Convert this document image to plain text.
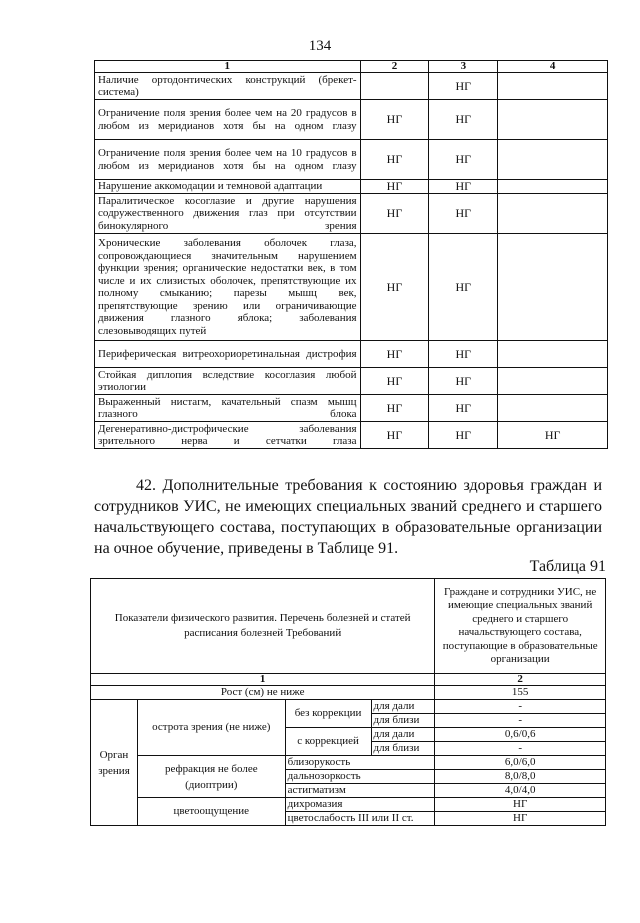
134
1	2	3	4
Наличие ортодонтических конструкций (брекет-система)		НГ	
Ограничение поля зрения более чем на 20 градусов в любом из меридианов хотя бы на одном глазу	НГ	НГ	
Ограничение поля зрения более чем на 10 градусов в любом из меридианов хотя бы на одном глазу	НГ	НГ	
Нарушение аккомодации и темновой адаптации	НГ	НГ	
Паралитическое косоглазие и другие нарушения содружественного движения глаз при отсутствии бинокулярного зрения	НГ	НГ	
Хронические заболевания оболочек глаза, сопровождающиеся значительным нарушением функции зрения; органические недостатки век, в том числе и их слизистых оболочек, препятствующие их полному смыканию; парезы мышц век, препятствующие зрению или ограничивающие движения глазного яблока; заболевания слезовыводящих путей	НГ	НГ	
Периферическая витреохориоретинальная дистрофия	НГ	НГ	
Стойкая диплопия вследствие косоглазия любой этиологии	НГ	НГ	
Выраженный нистагм, качательный спазм мышц глазного блока	НГ	НГ	
Дегенеративно-дистрофические заболевания зрительного нерва и сетчатки глаза	НГ	НГ	НГ
42. Дополнительные требования к состоянию здоровья граждан и сотрудников УИС, не имеющих специальных званий среднего и старшего начальствующего состава, поступающих в образовательные организации на очное обучение, приведены в Таблице 91.
Таблица 91
Показатели физического развития. Перечень болезней и статей расписания болезней Требований				Граждане и сотрудники УИС, не имеющие специальных званий среднего и старшего начальствующего состава, поступающие в образовательные организации
1				2
Рост (см) не ниже				155
Орган зрения	острота зрения (не ниже)	без коррекции	для дали	-
			для близи	-
		с коррекцией	для дали	0,6/0,6
			для близи	-
	рефракция не более (диоптрии)	близорукость		6,0/6,0
		дальнозоркость		8,0/8,0
		астигматизм		4,0/4,0
	цветоощущение	дихромазия		НГ
		цветослабость III или II ст.		НГ
